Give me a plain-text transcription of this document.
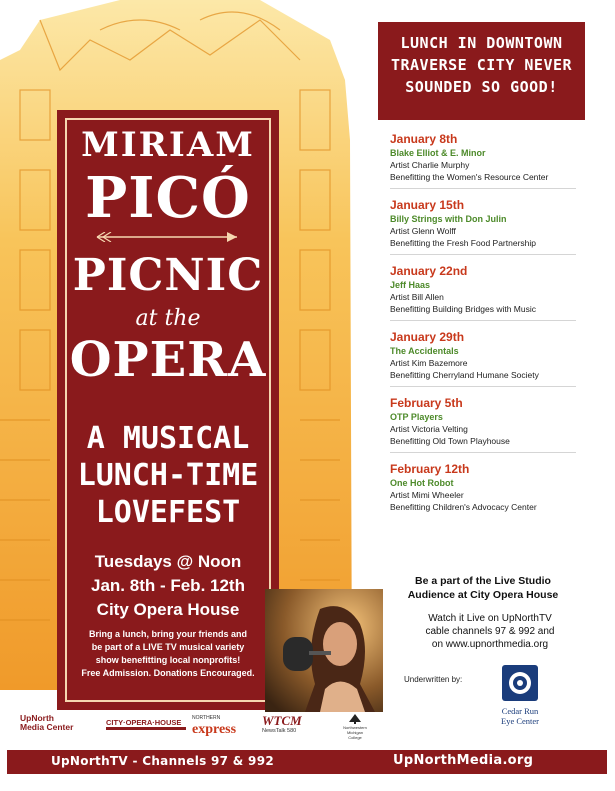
LUNCH IN DOWNTOWN
TRAVERSE CITY NEVER
SOUNDED SO GOOD!
MIRIAM
PICÓ
PICNIC
at the
OPERA
A MUSICAL
LUNCH-TIME
LOVEFEST
Tuesdays @ Noon
Jan. 8th - Feb. 12th
City Opera House
Bring a lunch, bring your friends and
be part of a LIVE TV musical variety
show benefitting local nonprofits!
Free Admission. Donations Encouraged.
January 8th
Blake Elliot & E. Minor
Artist Charlie Murphy
Benefitting the Women's Resource Center
January 15th
Billy Strings with Don Julin
Artist Glenn Wolff
Benefitting the Fresh Food Partnership
January 22nd
Jeff Haas
Artist Bill Allen
Benefitting Building Bridges with Music
January 29th
The Accidentals
Artist Kim Bazemore
Benefitting Cherryland Humane Society
February 5th
OTP Players
Artist Victoria Velting
Benefitting Old Town Playhouse
February 12th
One Hot Robot
Artist Mimi Wheeler
Benefitting Children's Advocacy Center
Be a part of the Live Studio
Audience at City Opera House
Watch it Live on UpNorthTV
cable channels 97 & 992 and
on www.upnorthmedia.org
Underwritten by:
Cedar Run
Eye Center
UpNorth
Media Center	CITY·OPERA·HOUSE	NORTHERN
express
WTCM
NewsTalk 580
Northwestern Michigan College
UpNorthTV - Channels 97 & 992	UpNorthMedia.org
